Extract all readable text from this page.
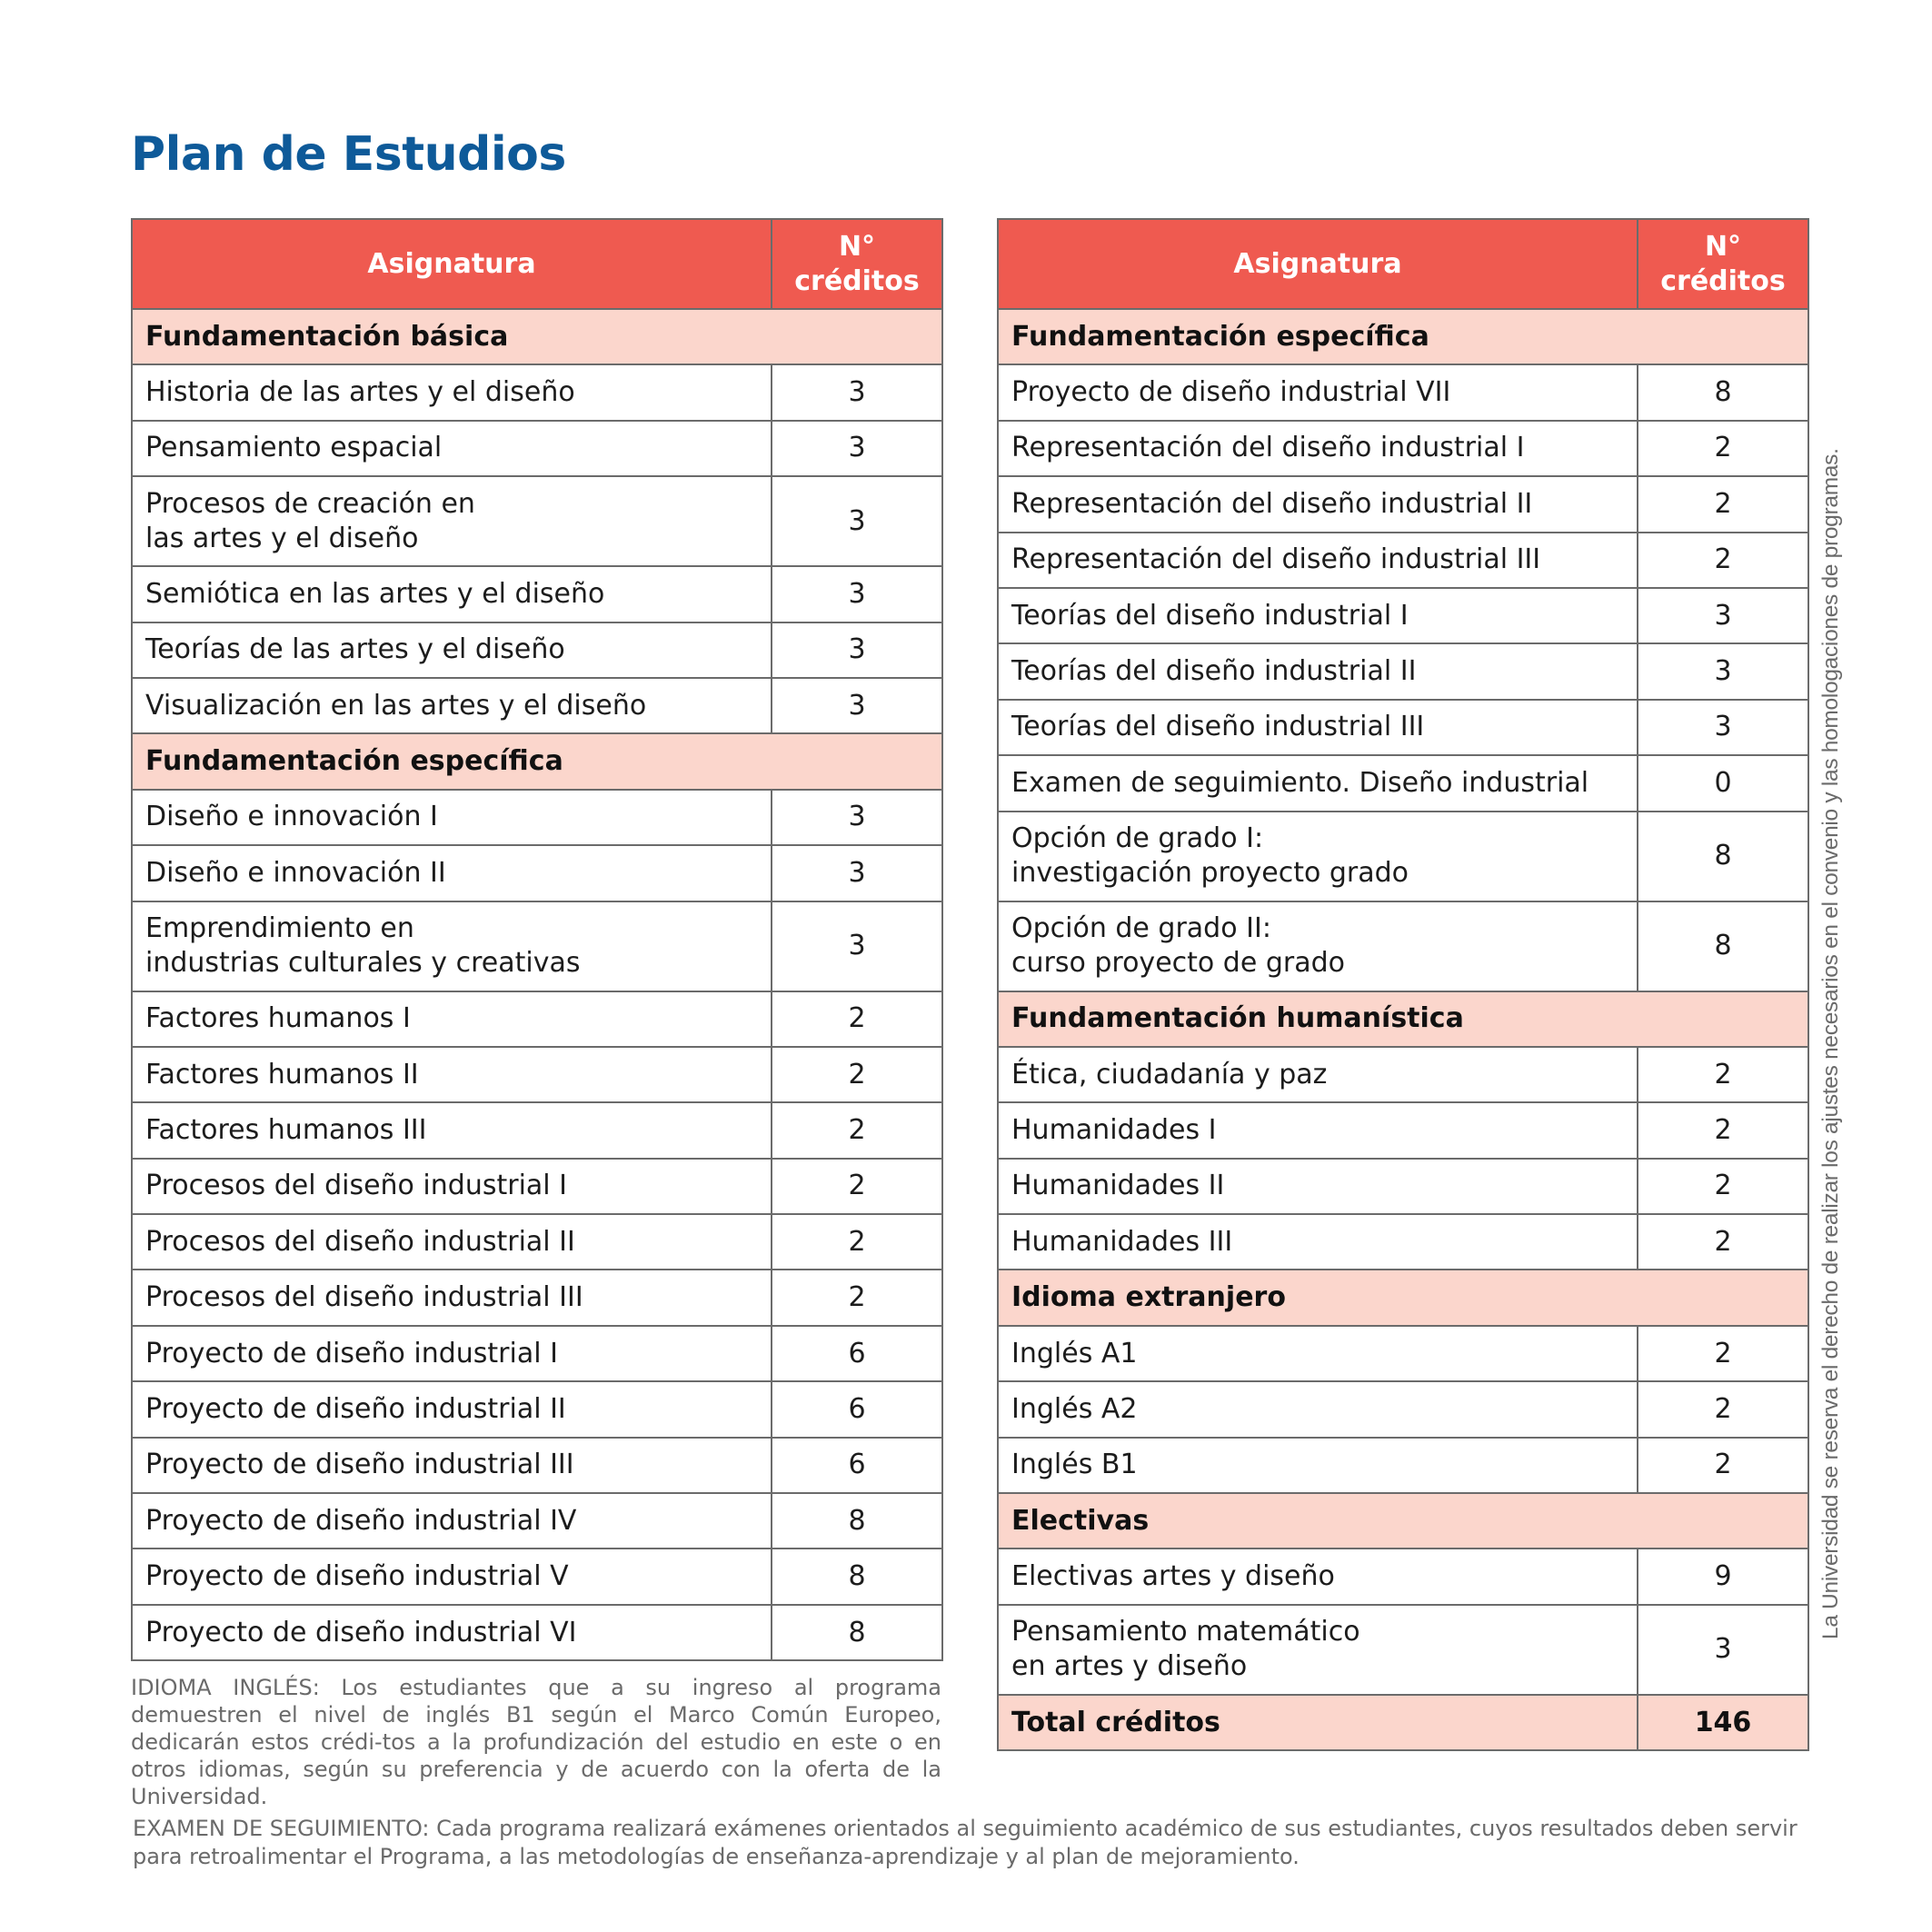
Plan de Estudios
Asignatura	N°
créditos
Fundamentación básica	
Historia de las artes y el diseño	3
Pensamiento espacial	3
Procesos de creación en
las artes y el diseño	3
Semiótica en las artes y el diseño	3
Teorías de las artes y el diseño	3
Visualización en las artes y el diseño	3
Fundamentación específica	
Diseño e innovación I	3
Diseño e innovación II	3
Emprendimiento en
industrias culturales y creativas	3
Factores humanos I	2
Factores humanos II	2
Factores humanos III	2
Procesos del diseño industrial I	2
Procesos del diseño industrial II	2
Procesos del diseño industrial III	2
Proyecto de diseño industrial I	6
Proyecto de diseño industrial II	6
Proyecto de diseño industrial III	6
Proyecto de diseño industrial IV	8
Proyecto de diseño industrial V	8
Proyecto de diseño industrial VI	8
Asignatura	N°
créditos
Fundamentación específica	
Proyecto de diseño industrial VII	8
Representación del diseño industrial I	2
Representación del diseño industrial II	2
Representación del diseño industrial III	2
Teorías del diseño industrial I	3
Teorías del diseño industrial II	3
Teorías del diseño industrial III	3
Examen de seguimiento. Diseño industrial	0
Opción de grado I:
investigación proyecto grado	8
Opción de grado II:
curso proyecto de grado	8
Fundamentación humanística	
Ética, ciudadanía y paz	2
Humanidades I	2
Humanidades II	2
Humanidades III	2
Idioma extranjero	
Inglés A1	2
Inglés A2	2
Inglés B1	2
Electivas	
Electivas artes y diseño	9
Pensamiento matemático
en artes y diseño	3
Total créditos	146

IDIOMA INGLÉS: Los estudiantes que a su ingreso al programa demuestren el nivel de inglés B1 según el Marco Común Europeo, dedicarán estos crédi-tos a la profundización del estudio en este o en otros idiomas, según su preferencia y de acuerdo con la oferta de la Universidad.

EXAMEN DE SEGUIMIENTO: Cada programa realizará exámenes orientados al seguimiento académico de sus estudiantes, cuyos resultados deben servir para retroalimentar el Programa, a las metodologías de enseñanza-aprendizaje y al plan de mejoramiento.

La Universidad se reserva el derecho de realizar los ajustes necesarios en el convenio y las homologaciones de programas.
